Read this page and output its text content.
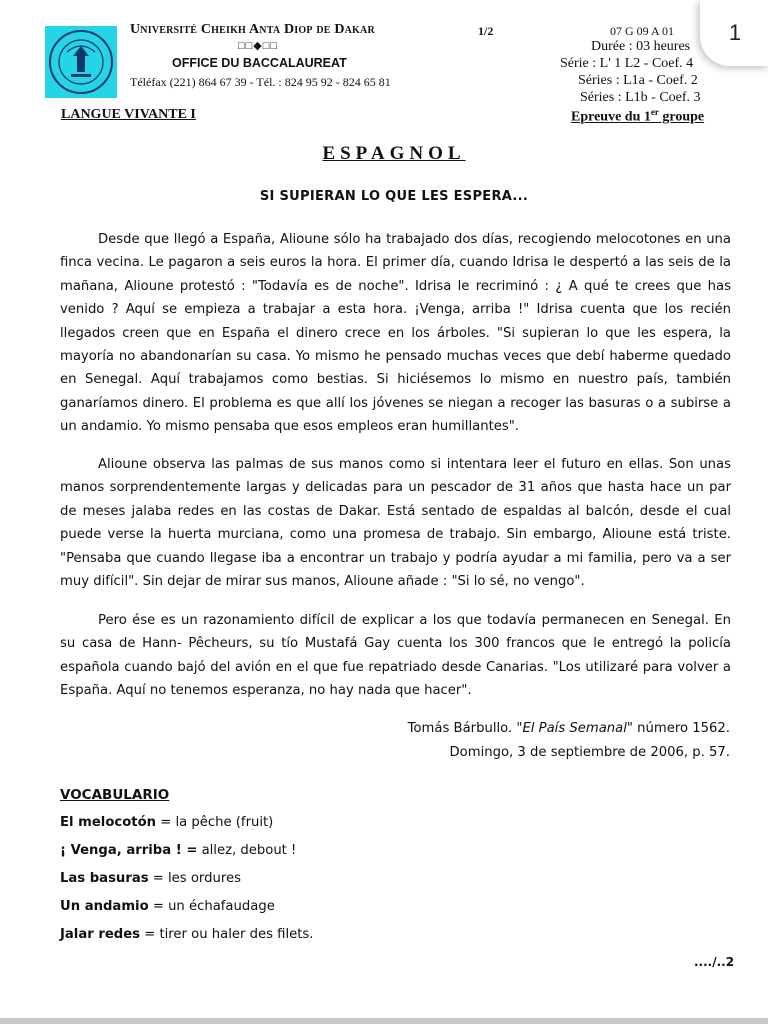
Université Cheikh Anta Diop de Dakar
□□◆□□
OFFICE DU BACCALAUREAT
Téléfax (221) 864 67 39 - Tél. : 824 95 92 - 824 65 81
1/2	07 G 09 A 01
Durée : 03 heures
Série : L' 1 L2 - Coef. 4
Séries : L1a - Coef. 2
Séries : L1b - Coef. 3
LANGUE VIVANTE I	Epreuve du 1er groupe
1
ESPAGNOL
SI SUPIERAN LO QUE LES ESPERA...

Desde que llegó a España, Alioune sólo ha trabajado dos días, recogiendo melocotones en una finca vecina. Le pagaron a seis euros la hora. El primer día, cuando Idrisa le despertó a las seis de la mañana, Alioune protestó : "Todavía es de noche". Idrisa le recriminó : ¿ A qué te crees que has venido ? Aquí se empieza a trabajar a esta hora. ¡Venga, arriba !" Idrisa cuenta que los recién llegados creen que en España el dinero crece en los árboles. "Si supieran lo que les espera, la mayoría no abandonarían su casa. Yo mismo he pensado muchas veces que debí haberme quedado en Senegal. Aquí trabajamos como bestias. Si hiciésemos lo mismo en nuestro país, también ganaríamos dinero. El problema es que allí los jóvenes se niegan a recoger las basuras o a subirse a un andamio. Yo mismo pensaba que esos empleos eran humillantes".

Alioune observa las palmas de sus manos como si intentara leer el futuro en ellas. Son unas manos sorprendentemente largas y delicadas para un pescador de 31 años que hasta hace un par de meses jalaba redes en las costas de Dakar. Está sentado de espaldas al balcón, desde el cual puede verse la huerta murciana, como una promesa de trabajo. Sin embargo, Alioune está triste. "Pensaba que cuando llegase iba a encontrar un trabajo y podría ayudar a mi familia, pero va a ser muy difícil". Sin dejar de mirar sus manos, Alioune añade : "Si lo sé, no vengo".

Pero ése es un razonamiento difícil de explicar a los que todavía permanecen en Senegal. En su casa de Hann- Pêcheurs, su tío Mustafá Gay cuenta los 300 francos que le entregó la policía española cuando bajó del avión en el que fue repatriado desde Canarias. "Los utilizaré para volver a España. Aquí no tenemos esperanza, no hay nada que hacer".

Tomás Bárbullo. "El País Semanal" número 1562.
Domingo, 3 de septiembre de 2006, p. 57.
VOCABULARIO
El melocotón = la pêche (fruit)
¡ Venga, arriba ! = allez, debout !
Las basuras = les ordures
Un andamio = un échafaudage
Jalar redes = tirer ou haler des filets.
..../..2
